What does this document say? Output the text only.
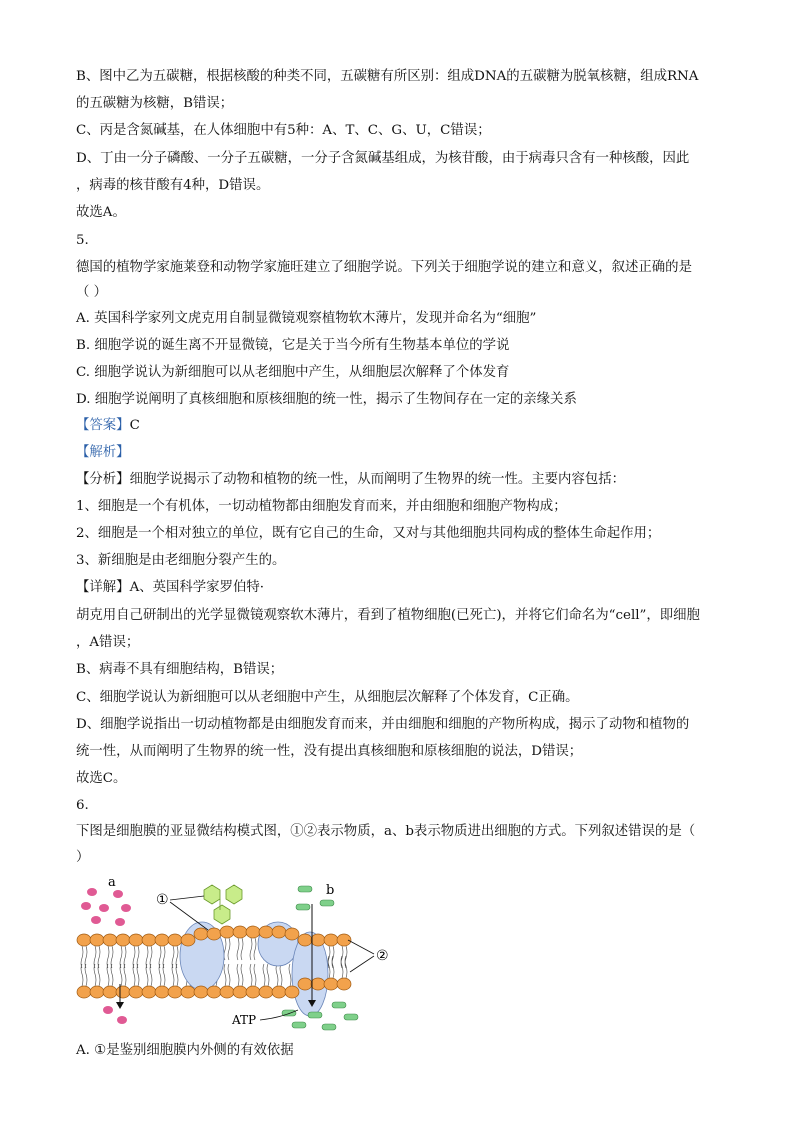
B、图中乙为五碳糖，根据核酸的种类不同，五碳糖有所区别：组成DNA的五碳糖为脱氧核糖，组成RNA
的五碳糖为核糖，B错误；
C、丙是含氮碱基，在人体细胞中有5种：A、T、C、G、U，C错误；
D、丁由一分子磷酸、一分子五碳糖，一分子含氮碱基组成，为核苷酸，由于病毒只含有一种核酸，因此
，病毒的核苷酸有4种，D错误。
故选A。
5.
德国的植物学家施莱登和动物学家施旺建立了细胞学说。下列关于细胞学说的建立和意义，叙述正确的是
（ ）
A. 英国科学家列文虎克用自制显微镜观察植物软木薄片，发现并命名为“细胞”
B. 细胞学说的诞生离不开显微镜，它是关于当今所有生物基本单位的学说
C. 细胞学说认为新细胞可以从老细胞中产生，从细胞层次解释了个体发育
D. 细胞学说阐明了真核细胞和原核细胞的统一性，揭示了生物间存在一定的亲缘关系
【答案】C
【解析】
【分析】细胞学说揭示了动物和植物的统一性，从而阐明了生物界的统一性。主要内容包括：
1、细胞是一个有机体，一切动植物都由细胞发育而来，并由细胞和细胞产物构成；
2、细胞是一个相对独立的单位，既有它自己的生命，又对与其他细胞共同构成的整体生命起作用；
3、新细胞是由老细胞分裂产生的。
【详解】A、英国科学家罗伯特·
胡克用自己研制出的光学显微镜观察软木薄片，看到了植物细胞(已死亡)，并将它们命名为“cell”，即细胞
，A错误；
B、病毒不具有细胞结构，B错误；
C、细胞学说认为新细胞可以从老细胞中产生，从细胞层次解释了个体发育，C正确。
D、细胞学说指出一切动植物都是由细胞发育而来，并由细胞和细胞的产物所构成，揭示了动物和植物的
统一性，从而阐明了生物界的统一性，没有提出真核细胞和原核细胞的说法，D错误；
故选C。
6.
下图是细胞膜的亚显微结构模式图，①②表示物质，a、b表示物质进出细胞的方式。下列叙述错误的是（
）
①
②
a
b
ATP
A. ①是鉴别细胞膜内外侧的有效依据
